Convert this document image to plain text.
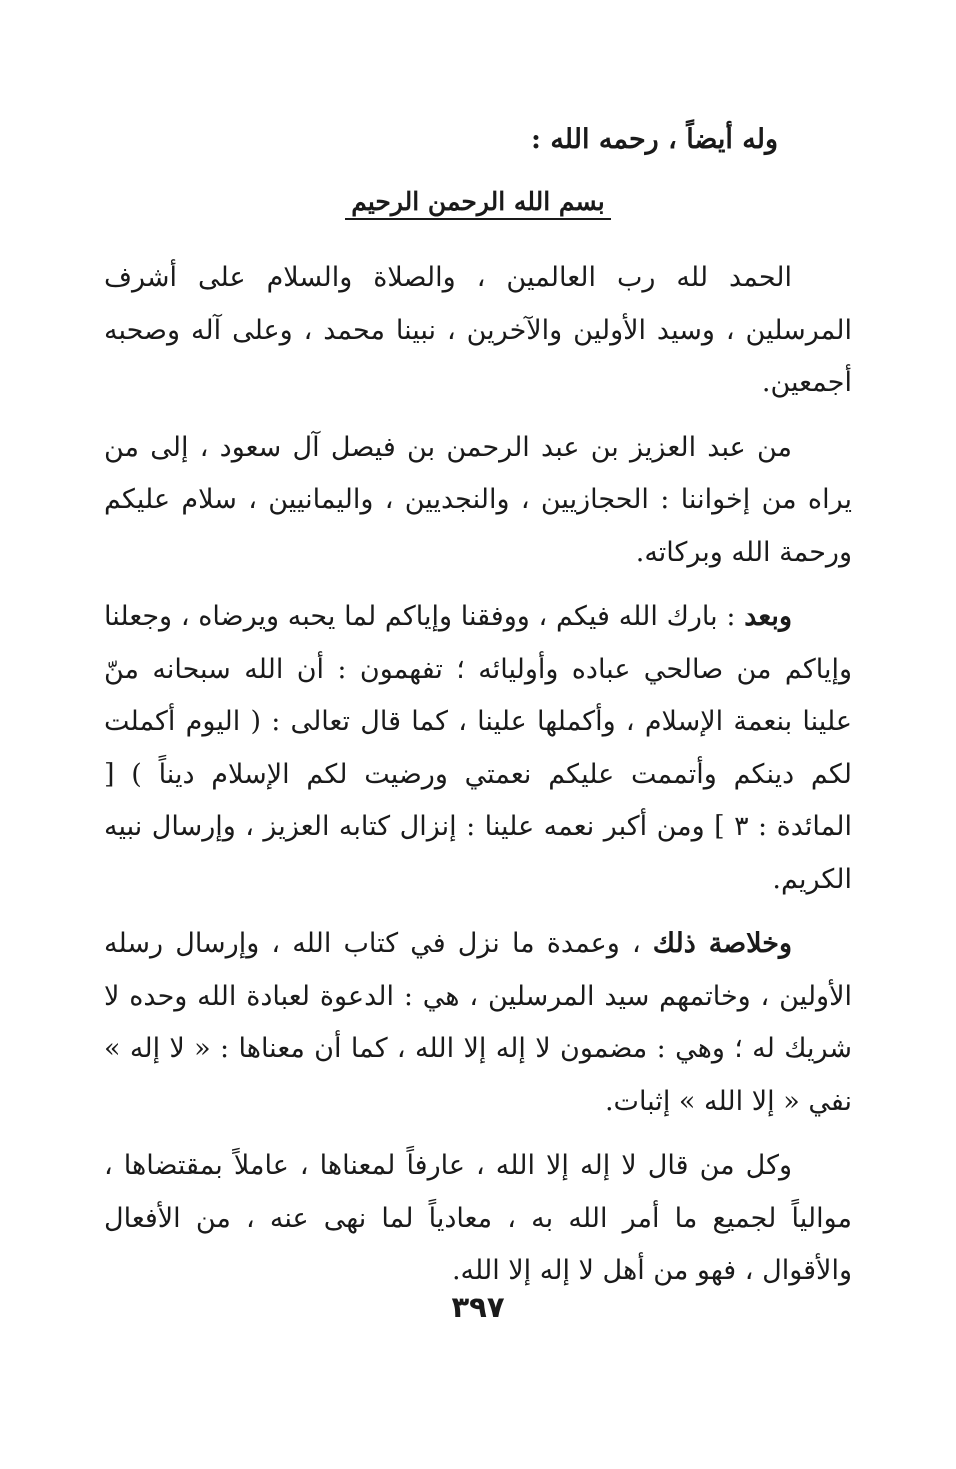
وله أيضاً ، رحمه الله :
بسم الله الرحمن الرحيم

الحمد لله رب العالمين ، والصلاة والسلام على أشرف المرسلين ، وسيد الأولين والآخرين ، نبينا محمد ، وعلى آله وصحبه أجمعين.

من عبد العزيز بن عبد الرحمن بن فيصل آل سعود ، إلى من يراه من إخواننا : الحجازيين ، والنجديين ، واليمانيين ، سلام عليكم ورحمة الله وبركاته.

وبعد : بارك الله فيكم ، ووفقنا وإياكم لما يحبه ويرضاه ، وجعلنا وإياكم من صالحي عباده وأوليائه ؛ تفهمون : أن الله سبحانه منّ علينا بنعمة الإسلام ، وأكملها علينا ، كما قال تعالى : ( اليوم أكملت لكم دينكم وأتممت عليكم نعمتي ورضيت لكم الإسلام ديناً ) [ المائدة : ٣ ] ومن أكبر نعمه علينا : إنزال كتابه العزيز ، وإرسال نبيه الكريم.

وخلاصة ذلك ، وعمدة ما نزل في كتاب الله ، وإرسال رسله الأولين ، وخاتمهم سيد المرسلين ، هي : الدعوة لعبادة الله وحده لا شريك له ؛ وهي : مضمون لا إله إلا الله ، كما أن معناها : « لا إله » نفي « إلا الله » إثبات.

وكل من قال لا إله إلا الله ، عارفاً لمعناها ، عاملاً بمقتضاها ، موالياً لجميع ما أمر الله به ، معادياً لما نهى عنه ، من الأفعال والأقوال ، فهو من أهل لا إله إلا الله.

٣٩٧
